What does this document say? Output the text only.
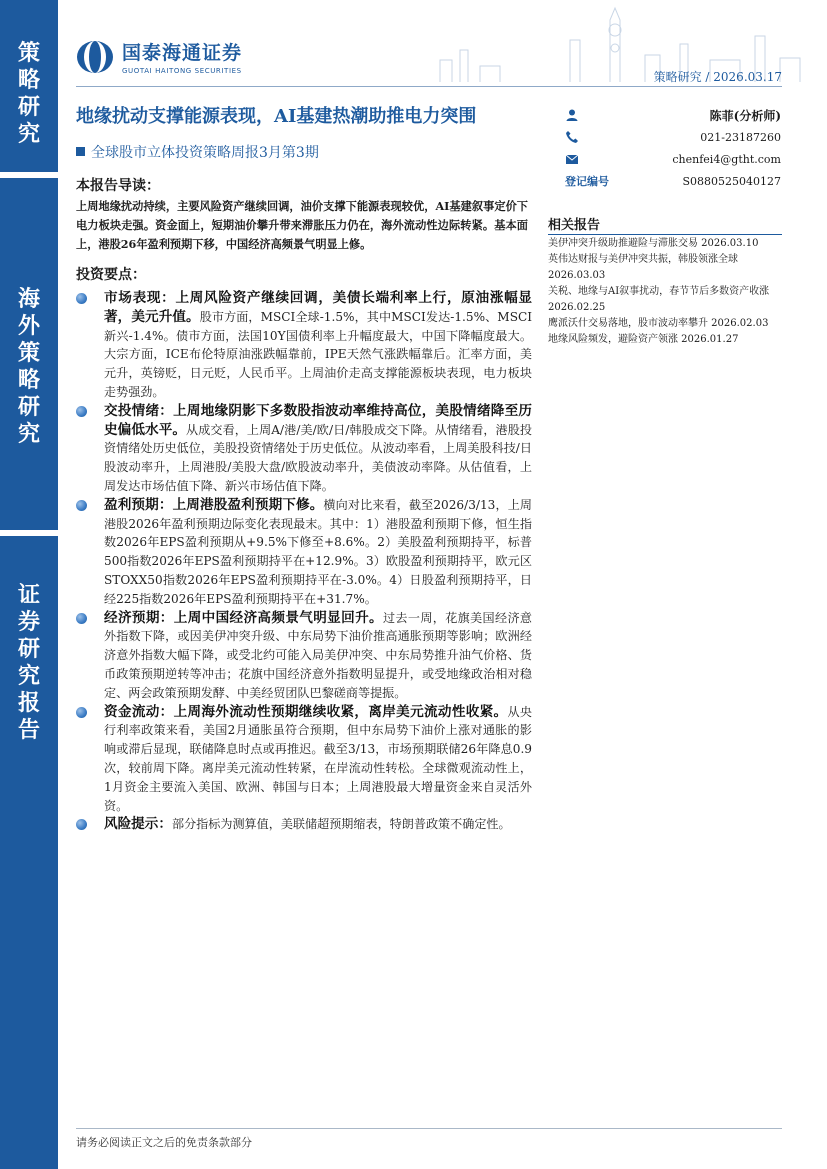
策
略
研
究
海
外
策
略
研
究
证
券
研
究
报
告
国泰海通证券
GUOTAI HAITONG SECURITIES	策略研究 / 2026.03.17
地缘扰动支撑能源表现，AI基建热潮助推电力突围
全球股市立体投资策略周报3月第3期
陈菲(分析师)
021-23187260
chenfei4@gtht.com
登记编号	S0880525040127
本报告导读：
上周地缘扰动持续，主要风险资产继续回调，油价支撑下能源表现较优，AI基建叙事定价下电力板块走强。资金面上，短期油价攀升带来滞胀压力仍在，海外流动性边际转紧。基本面上，港股26年盈利预期下移，中国经济高频景气明显上修。
相关报告
美伊冲突升级助推避险与滞胀交易 2026.03.10
英伟达财报与美伊冲突共振，韩股领涨全球 2026.03.03
关税、地缘与AI叙事扰动，春节节后多数资产收涨 2026.02.25
鹰派沃什交易落地，股市波动率攀升 2026.02.03
地缘风险频发，避险资产领涨 2026.01.27
投资要点：
市场表现：上周风险资产继续回调，美债长端利率上行，原油涨幅显著，美元升值。股市方面，MSCI全球-1.5%，其中MSCI发达-1.5%、MSCI新兴-1.4%。债市方面，法国10Y国债利率上升幅度最大，中国下降幅度最大。大宗方面，ICE布伦特原油涨跌幅靠前，IPE天然气涨跌幅靠后。汇率方面，美元升，英镑贬，日元贬，人民币平。上周油价走高支撑能源板块表现，电力板块走势强劲。
交投情绪：上周地缘阴影下多数股指波动率维持高位，美股情绪降至历史偏低水平。从成交看，上周A/港/美/欧/日/韩股成交下降。从情绪看，港股投资情绪处历史低位，美股投资情绪处于历史低位。从波动率看，上周美股科技/日股波动率升，上周港股/美股大盘/欧股波动率升，美债波动率降。从估值看，上周发达市场估值下降、新兴市场估值下降。
盈利预期：上周港股盈利预期下修。横向对比来看，截至2026/3/13，上周港股2026年盈利预期边际变化表现最末。其中：1）港股盈利预期下修，恒生指数2026年EPS盈利预期从+9.5%下修至+8.6%。2）美股盈利预期持平，标普500指数2026年EPS盈利预期持平在+12.9%。3）欧股盈利预期持平，欧元区STOXX50指数2026年EPS盈利预期持平在-3.0%。4）日股盈利预期持平，日经225指数2026年EPS盈利预期持平在+31.7%。
经济预期：上周中国经济高频景气明显回升。过去一周，花旗美国经济意外指数下降，或因美伊冲突升级、中东局势下油价推高通胀预期等影响；欧洲经济意外指数大幅下降，或受北约可能入局美伊冲突、中东局势推升油气价格、货币政策预期逆转等冲击；花旗中国经济意外指数明显提升，或受地缘政治相对稳定、两会政策预期发酵、中美经贸团队巴黎磋商等提振。
资金流动：上周海外流动性预期继续收紧，离岸美元流动性收紧。从央行利率政策来看，美国2月通胀虽符合预期，但中东局势下油价上涨对通胀的影响或滞后显现，联储降息时点或再推迟。截至3/13，市场预期联储26年降息0.9次，较前周下降。离岸美元流动性转紧，在岸流动性转松。全球微观流动性上，1月资金主要流入美国、欧洲、韩国与日本；上周港股最大增量资金来自灵活外资。
风险提示：部分指标为测算值，美联储超预期缩表，特朗普政策不确定性。
请务必阅读正文之后的免责条款部分
